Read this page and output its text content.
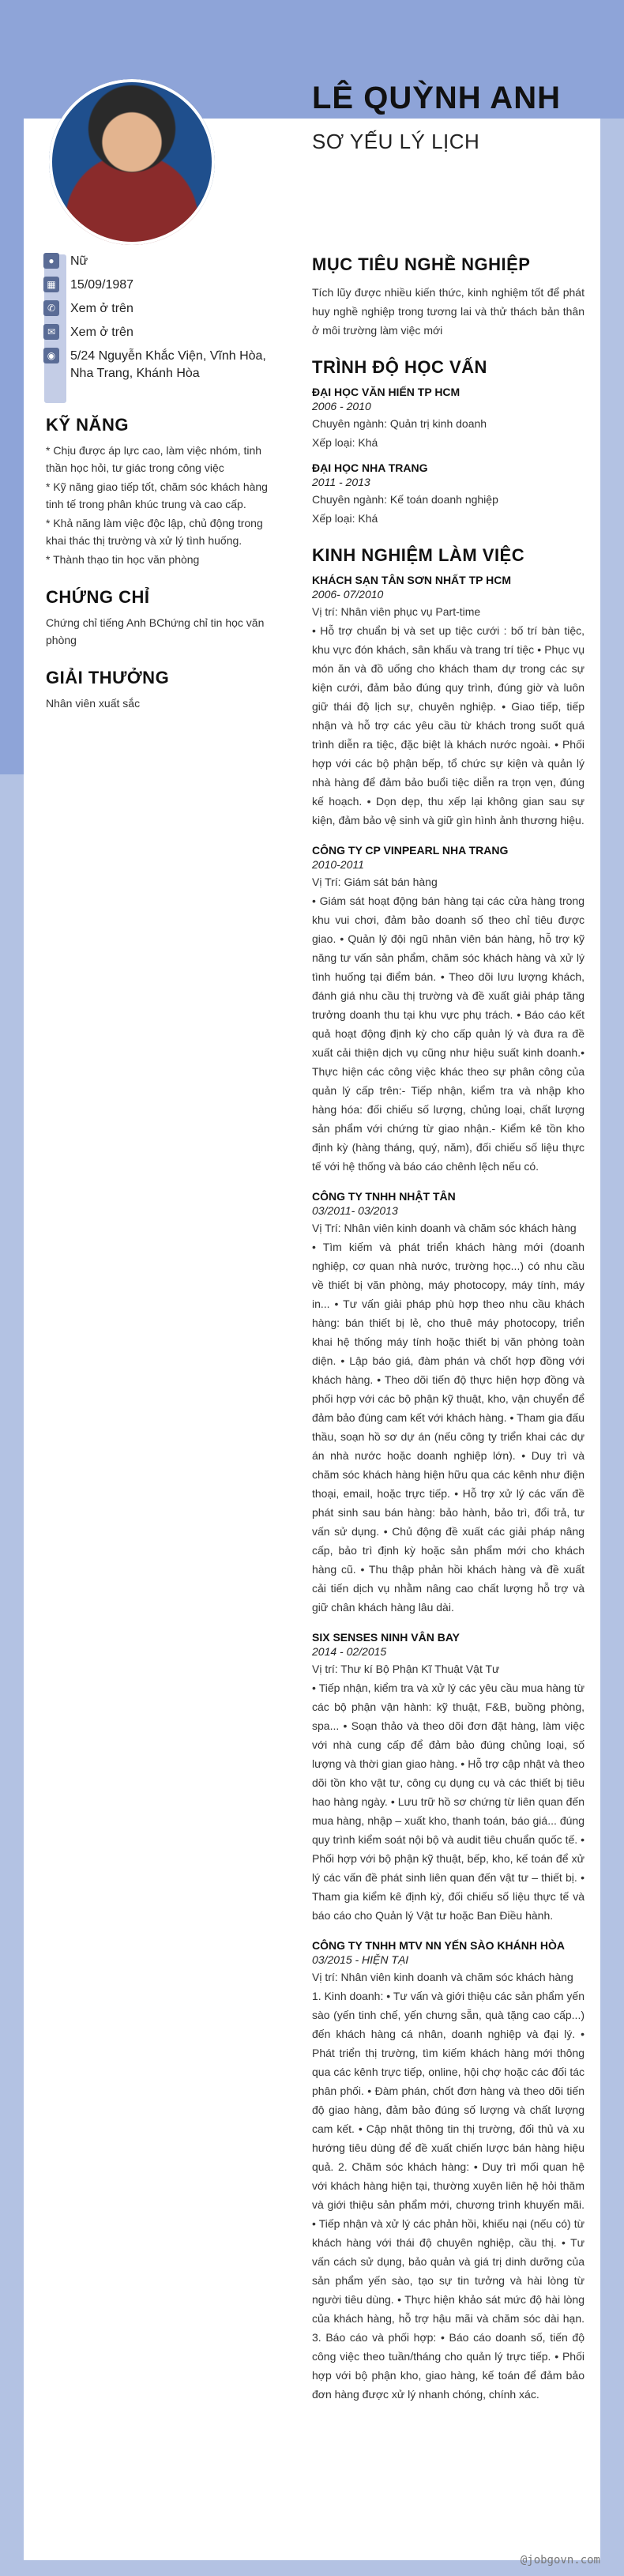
LÊ QUỲNH ANH
SƠ YẾU LÝ LỊCH
●	Nữ
▦ 15/09/1987
✆	Xem ở trên
✉	Xem ở trên
◉ 5/24 Nguyễn Khắc Viện, Vĩnh Hòa, Nha Trang, Khánh Hòa
KỸ NĂNG

* Chịu được áp lực cao, làm việc nhóm, tinh thần học hỏi, tư giác trong công việc

* Kỹ năng giao tiếp tốt, chăm sóc khách hàng tinh tế trong phân khúc trung và cao cấp.

* Khả năng làm việc độc lập, chủ động trong khai thác thị trường và xử lý tình huống.

* Thành thạo tin học văn phòng

CHỨNG CHỈ

Chứng chỉ tiếng Anh BChứng chỉ tin học văn phòng

GIẢI THƯỞNG

Nhân viên xuất sắc

MỤC TIÊU NGHỀ NGHIỆP

Tích lũy được nhiều kiến thức, kinh nghiệm tốt để phát huy nghề nghiệp trong tương lai và thử thách bản thân ở môi trường làm việc mới

TRÌNH ĐỘ HỌC VẤN
ĐẠI HỌC VĂN HIẾN TP HCM
2006 - 2010

Chuyên ngành: Quản trị kinh doanh

Xếp loại: Khá

ĐẠI HỌC NHA TRANG
2011 - 2013

Chuyên ngành: Kế toán doanh nghiệp

Xếp loại: Khá

KINH NGHIỆM LÀM VIỆC
KHÁCH SẠN TÂN SƠN NHẤT TP HCM
2006- 07/2010

Vị trí: Nhân viên phục vụ Part-time

• Hỗ trợ chuẩn bị và set up tiệc cưới : bố trí bàn tiệc, khu vực đón khách, sân khấu và trang trí tiệc • Phục vụ món ăn và đồ uống cho khách tham dự trong các sự kiện cưới, đảm bảo đúng quy trình, đúng giờ và luôn giữ thái độ lịch sự, chuyên nghiệp. • Giao tiếp, tiếp nhận và hỗ trợ các yêu cầu từ khách trong suốt quá trình diễn ra tiệc, đặc biệt là khách nước ngoài. • Phối hợp với các bộ phận bếp, tổ chức sự kiện và quản lý nhà hàng để đảm bảo buổi tiệc diễn ra trọn vẹn, đúng kế hoạch. • Dọn dẹp, thu xếp lại không gian sau sự kiện, đảm bảo vệ sinh và giữ gìn hình ảnh thương hiệu.

CÔNG TY CP VINPEARL NHA TRANG
2010-2011

Vị Trí: Giám sát bán hàng

• Giám sát hoạt động bán hàng tại các cửa hàng trong khu vui chơi, đảm bảo doanh số theo chỉ tiêu được giao. • Quản lý đội ngũ nhân viên bán hàng, hỗ trợ kỹ năng tư vấn sản phẩm, chăm sóc khách hàng và xử lý tình huống tại điểm bán. • Theo dõi lưu lượng khách, đánh giá nhu cầu thị trường và đề xuất giải pháp tăng trưởng doanh thu tại khu vực phụ trách. • Báo cáo kết quả hoạt động định kỳ cho cấp quản lý và đưa ra đề xuất cải thiện dịch vụ cũng như hiệu suất kinh doanh.• Thực hiện các công việc khác theo sự phân công của quản lý cấp trên:- Tiếp nhận, kiểm tra và nhập kho hàng hóa: đối chiếu số lượng, chủng loại, chất lượng sản phẩm với chứng từ giao nhận.- Kiểm kê tồn kho định kỳ (hàng tháng, quý, năm), đối chiếu số liệu thực tế với hệ thống và báo cáo chênh lệch nếu có.

CÔNG TY TNHH NHẬT TÂN
03/2011- 03/2013

Vị Trí: Nhân viên kinh doanh và chăm sóc khách hàng

• Tìm kiếm và phát triển khách hàng mới (doanh nghiệp, cơ quan nhà nước, trường học...) có nhu cầu về thiết bị văn phòng, máy photocopy, máy tính, máy in... • Tư vấn giải pháp phù hợp theo nhu cầu khách hàng: bán thiết bị lẻ, cho thuê máy photocopy, triển khai hệ thống máy tính hoặc thiết bị văn phòng toàn diện. • Lập báo giá, đàm phán và chốt hợp đồng với khách hàng. • Theo dõi tiến độ thực hiện hợp đồng và phối hợp với các bộ phận kỹ thuật, kho, vận chuyển để đảm bảo đúng cam kết với khách hàng. • Tham gia đấu thầu, soạn hồ sơ dự án (nếu công ty triển khai các dự án nhà nước hoặc doanh nghiệp lớn). • Duy trì và chăm sóc khách hàng hiện hữu qua các kênh như điện thoại, email, hoặc trực tiếp. • Hỗ trợ xử lý các vấn đề phát sinh sau bán hàng: bảo hành, bảo trì, đổi trả, tư vấn sử dụng. • Chủ động đề xuất các giải pháp nâng cấp, bảo trì định kỳ hoặc sản phẩm mới cho khách hàng cũ. • Thu thập phản hồi khách hàng và đề xuất cải tiến dịch vụ nhằm nâng cao chất lượng hỗ trợ và giữ chân khách hàng lâu dài.

SIX SENSES NINH VÂN BAY
2014 - 02/2015

Vị trí: Thư kí Bộ Phận Kĩ Thuật Vật Tư

• Tiếp nhận, kiểm tra và xử lý các yêu cầu mua hàng từ các bộ phận vận hành: kỹ thuật, F&B, buồng phòng, spa... • Soạn thảo và theo dõi đơn đặt hàng, làm việc với nhà cung cấp để đảm bảo đúng chủng loại, số lượng và thời gian giao hàng. • Hỗ trợ cập nhật và theo dõi tồn kho vật tư, công cụ dụng cụ và các thiết bị tiêu hao hàng ngày. • Lưu trữ hồ sơ chứng từ liên quan đến mua hàng, nhập – xuất kho, thanh toán, báo giá... đúng quy trình kiểm soát nội bộ và audit tiêu chuẩn quốc tế. • Phối hợp với bộ phận kỹ thuật, bếp, kho, kế toán để xử lý các vấn đề phát sinh liên quan đến vật tư – thiết bị. • Tham gia kiểm kê định kỳ, đối chiếu số liệu thực tế và báo cáo cho Quản lý Vật tư hoặc Ban Điều hành.

CÔNG TY TNHH MTV NN YẾN SÀO KHÁNH HÒA
03/2015 - HIỆN TẠI

Vị trí: Nhân viên kinh doanh và chăm sóc khách hàng

1. Kinh doanh: • Tư vấn và giới thiệu các sản phẩm yến sào (yến tinh chế, yến chưng sẵn, quà tặng cao cấp...) đến khách hàng cá nhân, doanh nghiệp và đại lý. • Phát triển thị trường, tìm kiếm khách hàng mới thông qua các kênh trực tiếp, online, hội chợ hoặc các đối tác phân phối. • Đàm phán, chốt đơn hàng và theo dõi tiến độ giao hàng, đảm bảo đúng số lượng và chất lượng cam kết. • Cập nhật thông tin thị trường, đối thủ và xu hướng tiêu dùng để đề xuất chiến lược bán hàng hiệu quả. 2. Chăm sóc khách hàng: • Duy trì mối quan hệ với khách hàng hiện tại, thường xuyên liên hệ hỏi thăm và giới thiệu sản phẩm mới, chương trình khuyến mãi. • Tiếp nhận và xử lý các phản hồi, khiếu nại (nếu có) từ khách hàng với thái độ chuyên nghiệp, cầu thị. • Tư vấn cách sử dụng, bảo quản và giá trị dinh dưỡng của sản phẩm yến sào, tạo sự tin tưởng và hài lòng từ người tiêu dùng. • Thực hiện khảo sát mức độ hài lòng của khách hàng, hỗ trợ hậu mãi và chăm sóc dài hạn. 3. Báo cáo và phối hợp: • Báo cáo doanh số, tiến độ công việc theo tuần/tháng cho quản lý trực tiếp. • Phối hợp với bộ phận kho, giao hàng, kế toán để đảm bảo đơn hàng được xử lý nhanh chóng, chính xác.

@jobgovn.com
